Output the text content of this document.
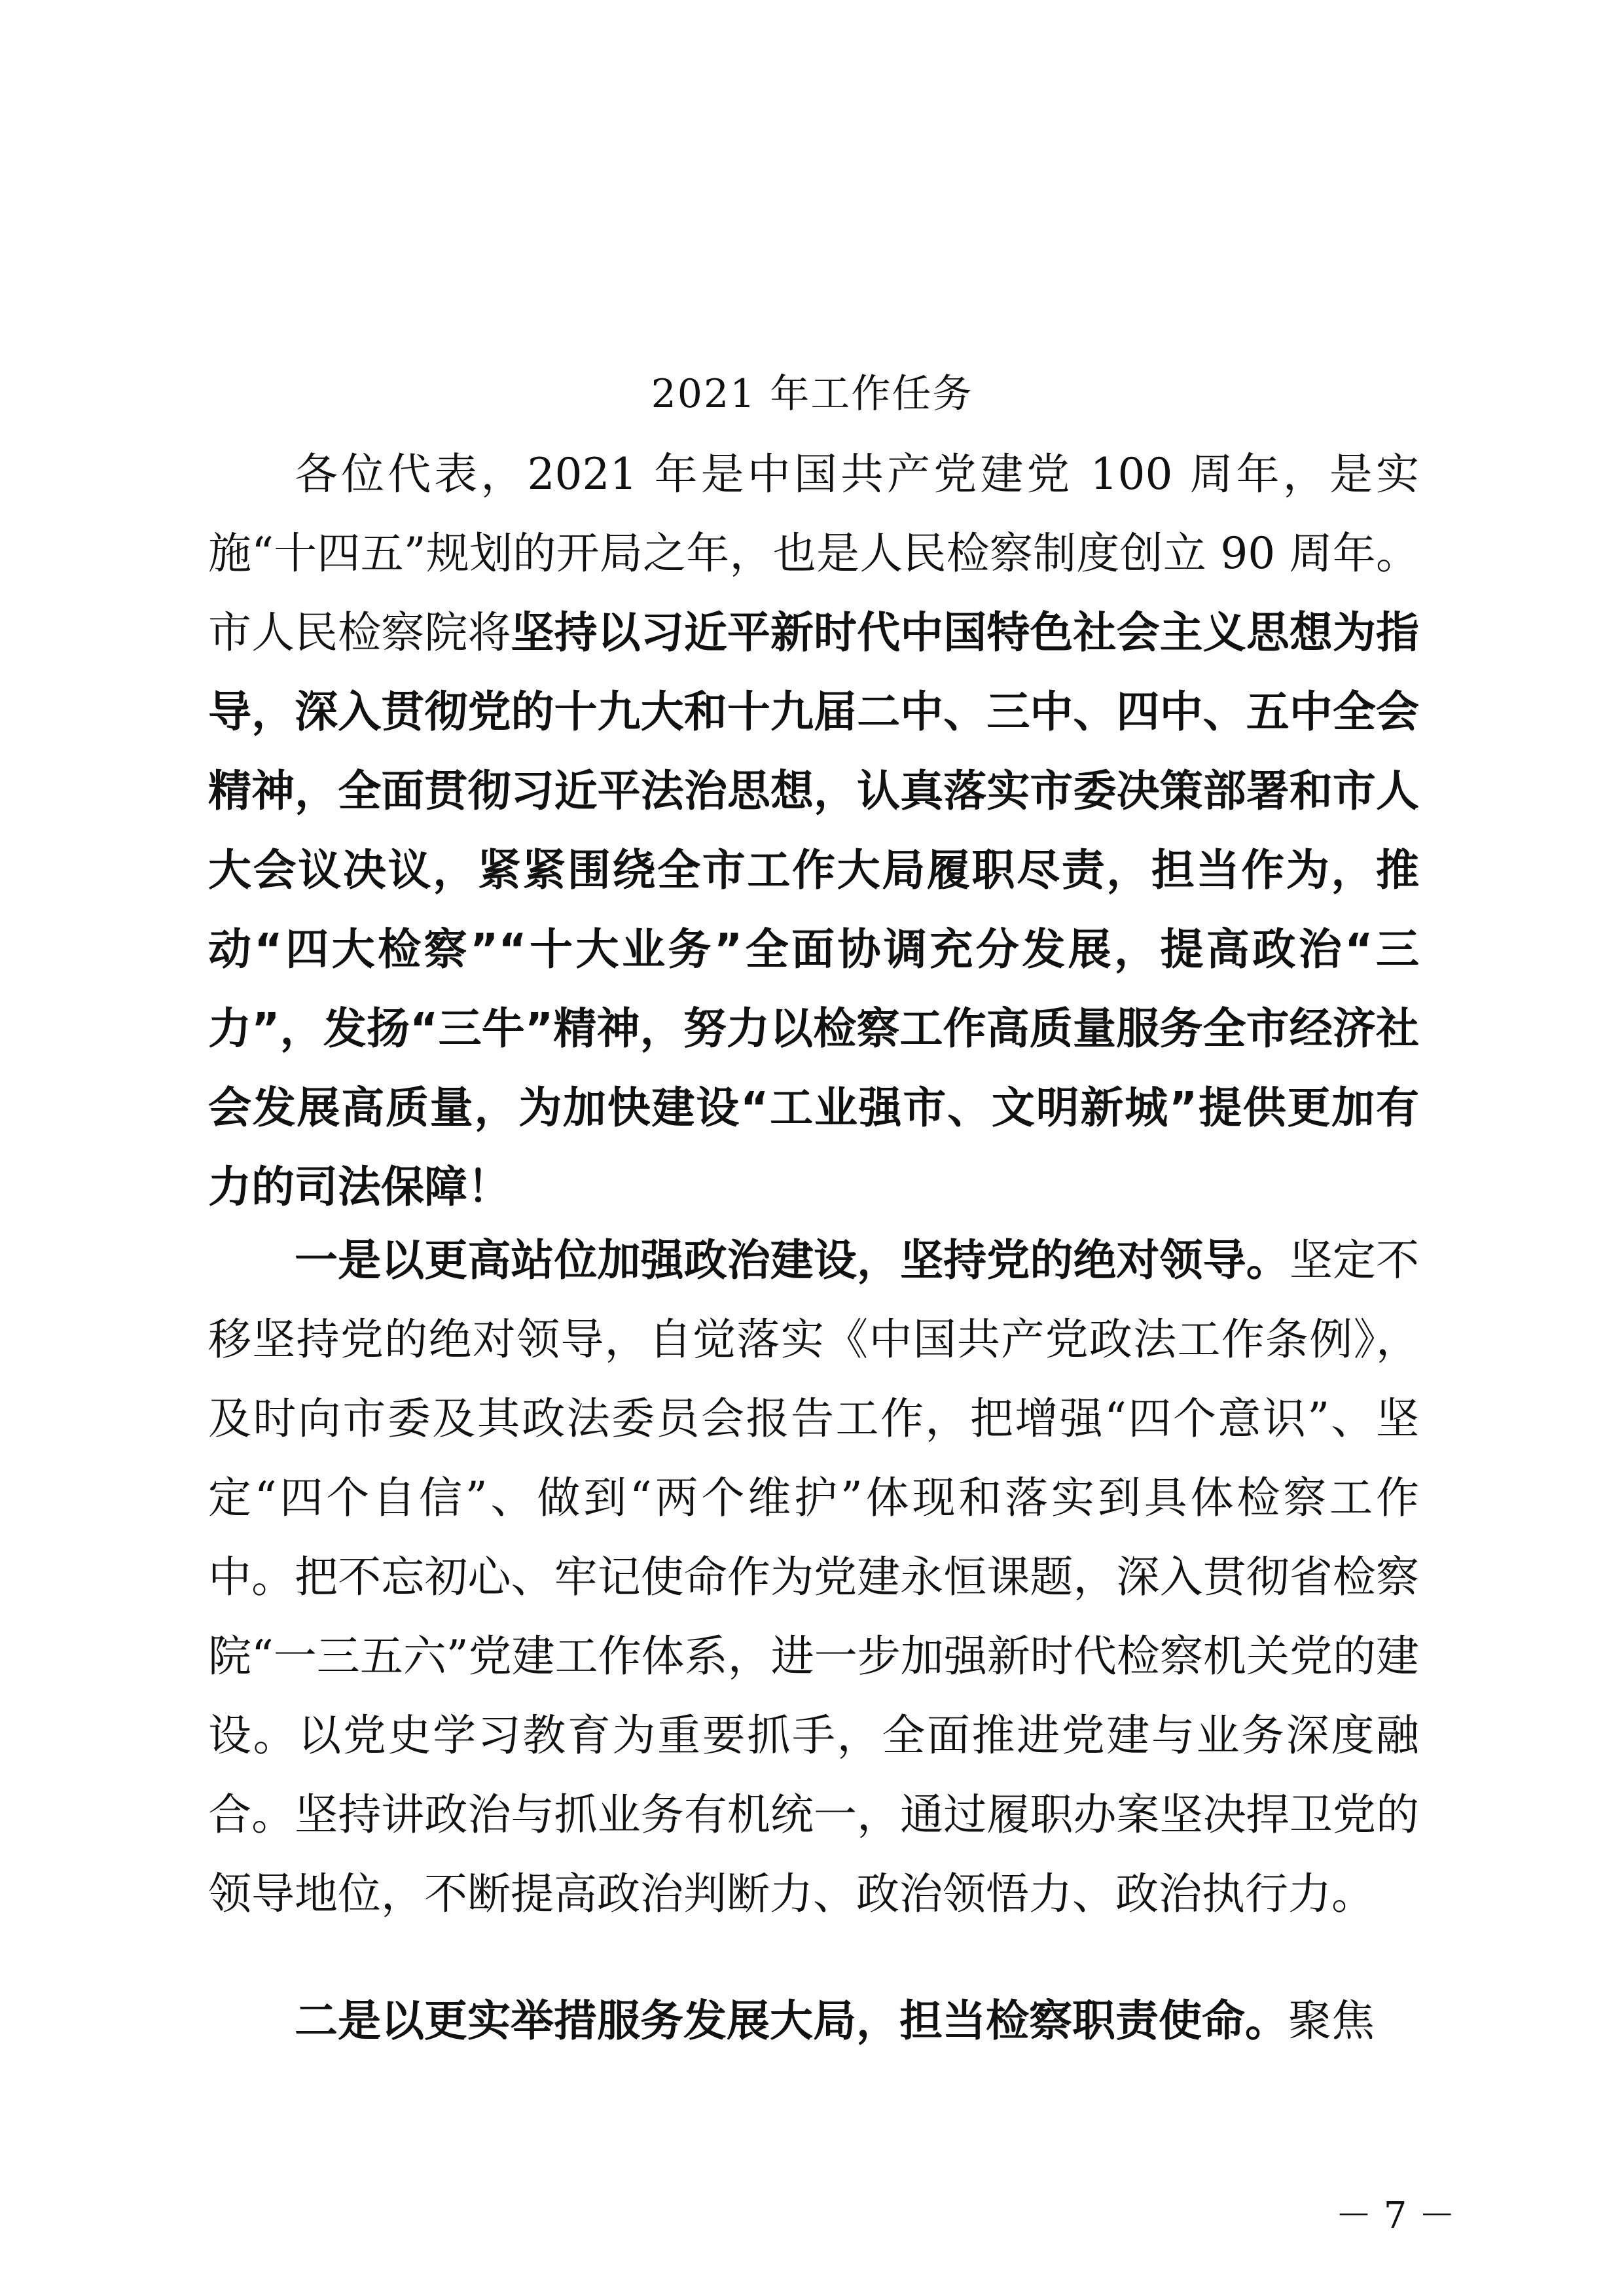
2021 年工作任务

各位代表，2021 年是中国共产党建党 100 周年，是实施“十四五”规划的开局之年，也是人民检察制度创立 90 周年。市人民检察院将坚持以习近平新时代中国特色社会主义思想为指导，深入贯彻党的十九大和十九届二中、三中、四中、五中全会精神，全面贯彻习近平法治思想，认真落实市委决策部署和市人大会议决议，紧紧围绕全市工作大局履职尽责，担当作为，推动“四大检察”“十大业务”全面协调充分发展，提高政治“三力”，发扬“三牛”精神，努力以检察工作高质量服务全市经济社会发展高质量，为加快建设“工业强市、文明新城”提供更加有力的司法保障！

一是以更高站位加强政治建设，坚持党的绝对领导。坚定不移坚持党的绝对领导，自觉落实《中国共产党政法工作条例》，及时向市委及其政法委员会报告工作，把增强“四个意识”、坚定“四个自信”、做到“两个维护”体现和落实到具体检察工作中。把不忘初心、牢记使命作为党建永恒课题，深入贯彻省检察院“一三五六”党建工作体系，进一步加强新时代检察机关党的建设。以党史学习教育为重要抓手，全面推进党建与业务深度融合。坚持讲政治与抓业务有机统一，通过履职办案坚决捍卫党的领导地位，不断提高政治判断力、政治领悟力、政治执行力。

二是以更实举措服务发展大局，担当检察职责使命。聚焦

－ 7 －
